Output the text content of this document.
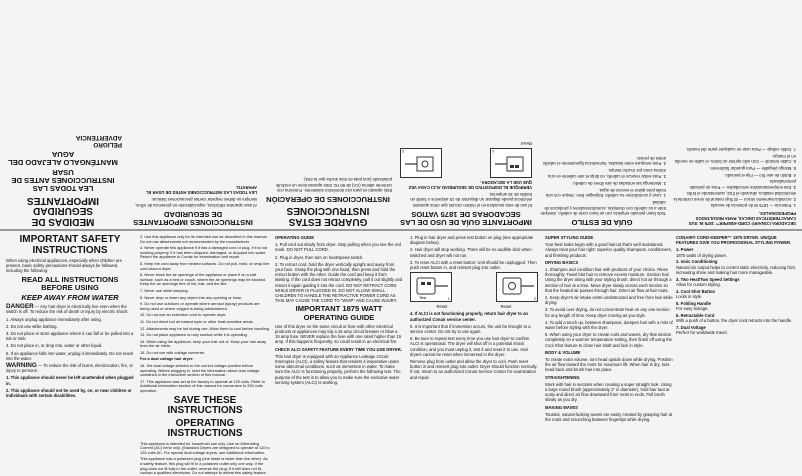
SECADORA CONAIR® CORD-KEEPER™ 1875 W. SUS CARACTERÍSTICAS ÚNICAS, PARA RESULTADOS PROFESIONALES.

1. Potencia — 1875 W de potencia de secado.

2. Acondicionamiento iónico — El flujo natural de iones controla la electricidad estática, aliviando el frizz, aumentando el brillo.

3. Dos temperaturas/dos velocidades — Para un peinado personalizado.

4. Botón de aire frío — Fija el peinado.

5. Mango plegable — Para guardar fácilmente.

6. Cable retráctil — Con sólo oprimir un botón, el cable se enrolla en el mango.

7. Doble voltaje — Para usar en cualquier parte del mundo.

GUÍA DE ESTILO

Todo buen peinado empieza con un buen corte de cabello. Siempre trate a su cabello con champús, acondicionadores y productos de calidad.

1. Lave y acondicione su cabello. Enjuague bien. Seque con una toalla para quitar el exceso de agua.

2. Mantenga las entradas de aire libres de cabello.

3. Para evitar resecar el cabello, no dirija el aire caliente en una misma zona por mucho tiempo.

4. Para retoques entre lavados, humedezca ligeramente el cabello antes de peinar.

IMPORTANTE GUÍA DE USO DE LAS SECADORAS DE 1875 VATIOS

El uso de esta secadora en el mismo circuito que otros aparatos eléctricos puede disparar un disyuntor de 15 amperios o fundir un fusible de 15 amperios.

VERIFIQUE EL DISPOSITIVO DE SEGURIDAD ALCI CADA VEZ QUE USE LA SECADORA.

1
2

Reset

GUARDE ESTAS INSTRUCCIONES

INSTRUCCIONES DE OPERACIÓN

Este aparato es para uso doméstico solamente. Funciona con corriente alterna (CA) de 60 Hz. Este aparato tiene un enchufe polarizado (una pata es más ancha que la otra).

INSTRUCCIONES IMPORTANTES DE SEGURIDAD

Al usar aparatos eléctricos, especialmente en presencia de niños, siempre se deben respetar ciertas precauciones básicas.

LEA TODAS LAS INSTRUCCIONES ANTES DE USAR EL APARATO.

MEDIDAS DE SEGURIDAD IMPORTANTES

LEA TODAS LAS INSTRUCCIONES ANTES DE USAR

MANTÉNGALO ALEJADO DEL AGUA

PELIGRO

ADVERTENCIA

IMPORTANT SAFETY INSTRUCTIONS

When using electrical appliances, especially when children are present, basic safety precautions should always be followed, including the following:

READ ALL INSTRUCTIONS BEFORE USING

KEEP AWAY FROM WATER

DANGER — Any hair dryer is electrically live even when the switch is off. To reduce the risk of death or injury by electric shock:

1. Always unplug appliance immediately after using.

2. Do not use while bathing.

3. Do not place or store appliance where it can fall or be pulled into a tub or sink.

4. Do not place in, or drop into, water or other liquid.

5. If an appliance falls into water, unplug it immediately. Do not reach into the water.

WARNING — To reduce the risk of burns, electrocution, fire, or injury to persons:

1. This appliance should never be left unattended when plugged in.

2. This appliance should not be used by, on, or near children or individuals with certain disabilities.

3. Use this appliance only for its intended use as described in this manual. Do not use attachments not recommended by the manufacturer.

4. Never operate this appliance if it has a damaged cord or plug, if it is not working properly, if it has been dropped, damaged, or dropped into water. Return the appliance to Conair for examination and repair.

5. Keep the cord away from heated surfaces. Do not pull, twist, or wrap line cord around dryer.

6. Never block the air openings of the appliance or place it on a soft surface, such as a bed or couch, where the air openings may be blocked. Keep the air openings free of lint, hair, and the like.

7. Never use while sleeping.

8. Never drop or insert any object into any opening or hose.

9. Do not use outdoors or operate where aerosol (spray) products are being used or where oxygen is being administered.

10. Do not use an extension cord to operate dryer.

11. Do not direct hot air toward eyes or other heat-sensitive areas.

12. Attachments may be hot during use. Allow them to cool before handling.

13. Do not place appliance on any surface while it is operating.

14. While using the appliance, keep your hair out of. Keep your hair away from the air inlets.

15. Do not use with voltage converter.

For a dual voltage hair dryer:

16. Set dual voltage selector to the correct voltage position before operating. Before plugging in, read the information about dual voltage contained in the instruction section of this manual.

17. This appliance was set at the factory to operate at 125 volts. Refer to Additional Information section of this manual for conversion to 250 volts operation.

SAVE THESE INSTRUCTIONS

OPERATING INSTRUCTIONS

This appliance is intended for household use only. Use on Alternating Current (AC) hertz only. (Standard Dryers are designed to operate at 110 to 125 volts AC. For special dual voltage dryers, see Additional Information.

This appliance has a polarized plug (one blade is wider than the other). As a safety feature, this plug will fit in a polarized outlet only one way. If the plug does not fit fully in the outlet, reverse the plug. If it still does not fit, contact a qualified electrician. Do not attempt to defeat this safety feature.

OPERATING GUIDE

1. Pull cord out slowly from dryer. Stop pulling when you see the red mark. DO NOT PULL CORD.

2. Plug in dryer, then turn on heat/speed switch.

3. To retract cord, hold the dryer vertically upright and away from your face. Grasp the plug with one hand, then press and hold the retract button with the other. Guide the cord and keep it from twisting. If the cord does not retract completely, pull it out slightly and retract it again guiding it into the cord. DO NOT RETRACT CORD WHILE DRYER IS PLUGGED IN. DO NOT ALLOW SMALL CHILDREN TO HANDLE THE RETRACTIVE POWER CORD AS THIS MAY CAUSE THE CORD TO "WHIP" AND CAUSE INJURY.

IMPORTANT 1875 WATT OPERATING GUIDE

Use of this dryer on the same circuit or fuse with other electrical products or appliances may trip a 15 amp circuit breaker or blow a 15 amp fuse. NEVER replace the fuse with one rated higher than 15 amp. If this happens frequently, so could result in an electrical fire.

CHECK ALCI SAFETY FEATURE EVERY TIME YOU USE DRYER.

This hair dryer is equipped with an Appliance Leakage Circuit Interrupter (ALCI), a safety feature that renders it inoperative under some abnormal conditions, such as immersion in water. To make sure the ALCI is functioning properly, perform the following test. The purpose of the test is to allow you to make sure the exclusive water sensing system (ALCI) is working.

1. Plug in hair dryer and press test button on plug (see appropriate diagram below).

2. Hair dryer will stop working. There will be no audible click when switched and dryer will not run.

3. To reset ALCI with a reset button: Unit should be unplugged. Then push reset button in, and reinsert plug into outlet.

Test	1	2

Reset	Reset

4. If ALCI is not functioning properly, return hair dryer to an authorized Conair service center.

5. It is important that if immersion occurs, the unit be brought to a service center. Do not try to use again.

6. Be sure to repeat test every time you use hair dryer to confirm ALCI is operational. The dryer will shut off in a potential shock condition, and you must unplug it, test it and reset it to use. Hair dryers cannot be reset when immersed in the dryer.

Remove plug from outlet and allow the dryer to cool. Push reset button in and reinsert plug into outlet. Dryer should function normally. If not, return to an authorized Conair Service Center for examination and repair.

CONAIR® CORD-KEEPER™ 1875 DRYER. UNIQUE FEATURES GIVE YOU PROFESSIONAL STYLING POWER.

1. Power
1875 watts of drying power.

2. Ionic Conditioning
Natural ion output helps to control static electricity, reducing frizz, increasing shine and making hair more manageable.

3. Two Heat/Two Speed Settings
Allow for custom styling.

4. Cool Shot Button
Locks in style.

5. Folding Handle
For easy storage.

6. Retractable Cord
With a push of a button, the dryer cord retracts into the handle.

7. Dual Voltage
Perfect for worldwide travel.

SUPER STYLING GUIDE

Your best looks begin with a good haircut that's well maintained. Always treat your hair right: superior quality shampoos, conditioners, and finishing products.

DRYING BASICS

1. Shampoo and condition hair with products of your choice. Rinse thoroughly. Towel blot hair to remove excess moisture. Section hair. Using the dryer along with your styling brush, direct hot air through a section of hair at a time. Move dryer slowly across each section so that the heated air passes through hair. Direct air flow at hair roots.

2. Keep dryer's air intake vents unobstructed and free from hair while drying.

3. To avoid over drying, do not concentrate heat on any one section for any length of time. Keep dryer moving as you style.

4. To add a touch up, between shampoos, dampen hair with a mist of water before styling with the dryer.

5. When using your dryer to create curls and waves, dry that section completely on a warmer temperature setting, then finish off using the Cool Shot feature to close hair shaft and lock in style.

BODY & VOLUME

To create extra volume, turn head upside down while drying. Position the air flow toward the roots for maximum lift. When hair is dry, toss head back and brush hair into place.

STRAIGHTENING

Work with hair in sections when creating a super straight look. Using a large round brush (approximately 2" in diameter), hold hair taut at scalp and direct air flow downward from roots to ends. Pull brush slowly as you dry.

MAKING WAVES

Tousled, natural-looking waves are easily created by grasping hair at the roots and scrunching between fingertips while drying.
